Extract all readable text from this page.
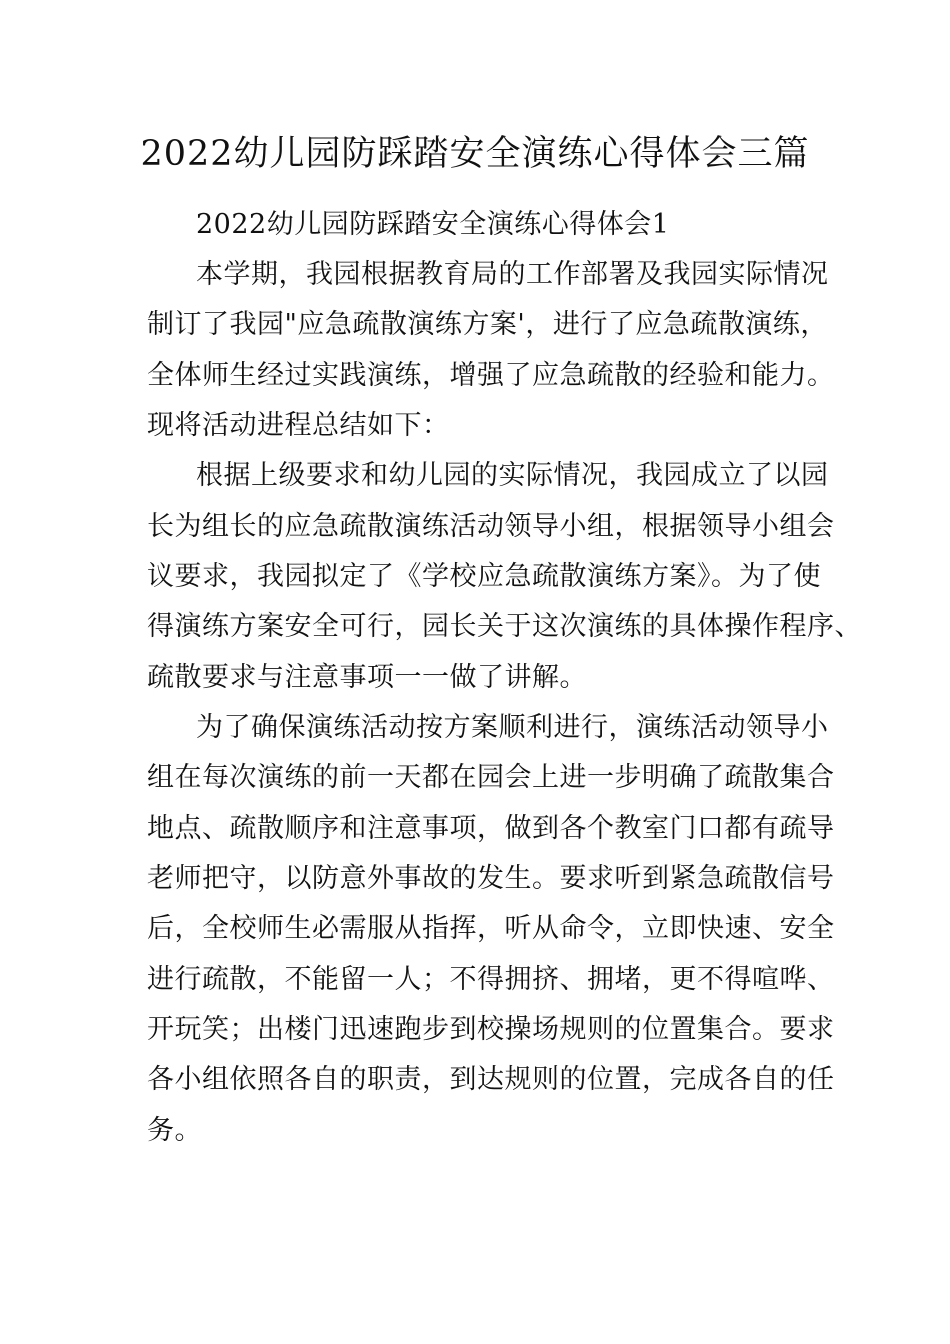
2022幼儿园防踩踏安全演练心得体会三篇
2022幼儿园防踩踏安全演练心得体会1
本学期，我园根据教育局的工作部署及我园实际情况
制订了我园"应急疏散演练方案'，进行了应急疏散演练，
全体师生经过实践演练，增强了应急疏散的经验和能力。
现将活动进程总结如下：
根据上级要求和幼儿园的实际情况，我园成立了以园
长为组长的应急疏散演练活动领导小组，根据领导小组会
议要求，我园拟定了《学校应急疏散演练方案》。为了使
得演练方案安全可行，园长关于这次演练的具体操作程序、
疏散要求与注意事项一一做了讲解。
为了确保演练活动按方案顺利进行，演练活动领导小
组在每次演练的前一天都在园会上进一步明确了疏散集合
地点、疏散顺序和注意事项，做到各个教室门口都有疏导
老师把守，以防意外事故的发生。要求听到紧急疏散信号
后，全校师生必需服从指挥，听从命令，立即快速、安全
进行疏散，不能留一人；不得拥挤、拥堵，更不得喧哗、
开玩笑；出楼门迅速跑步到校操场规则的位置集合。要求
各小组依照各自的职责，到达规则的位置，完成各自的任
务。
